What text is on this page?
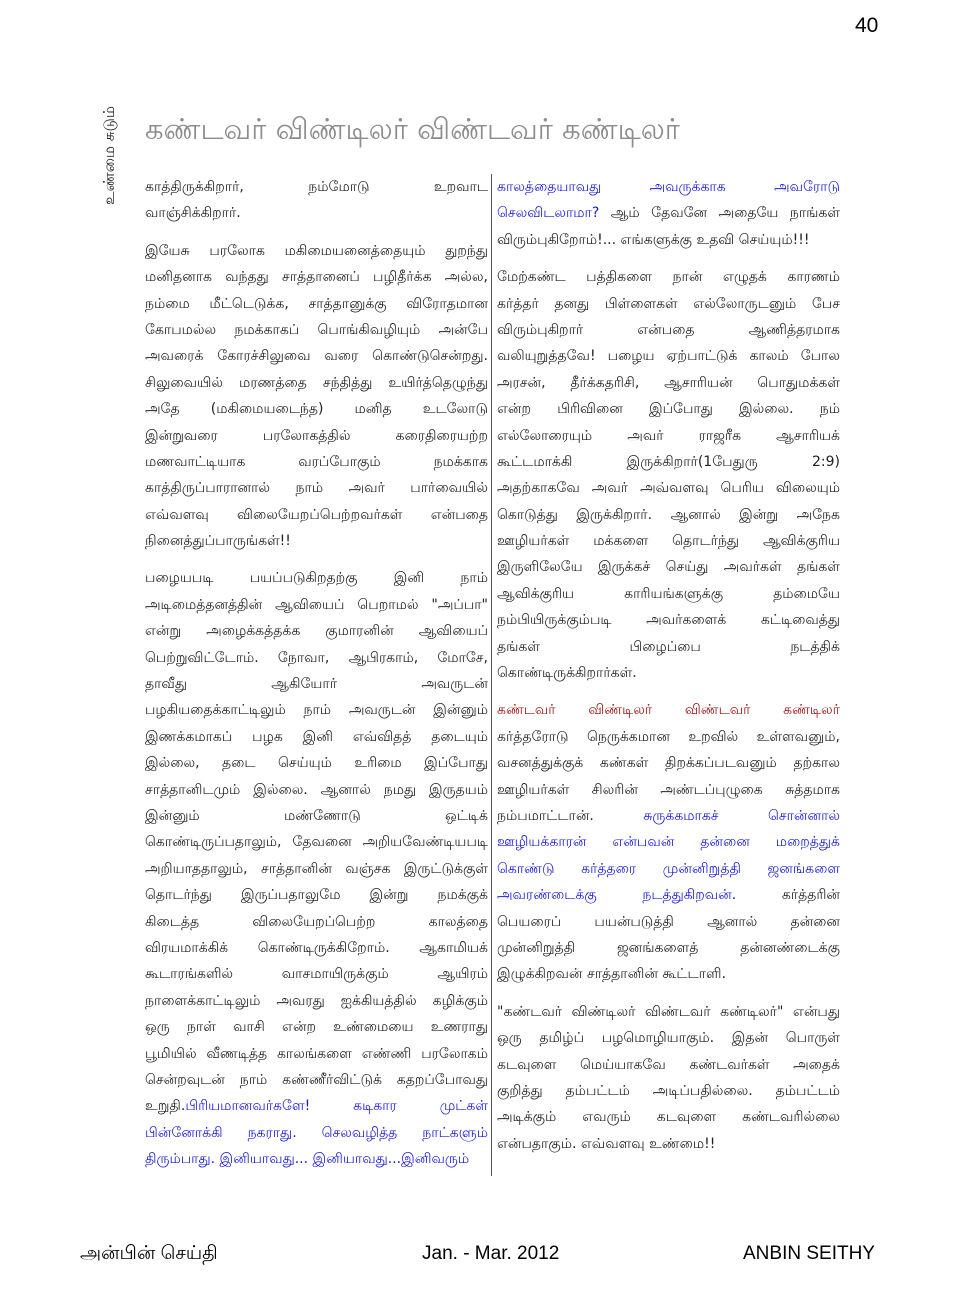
40
உண்மை சுடும் கண்டவர் விண்டிலர் விண்டவர் கண்டிலர்
காத்திருக்கிறார், நம்மோடு உறவாட
வாஞ்சிக்கிறார்.
இயேசு பரலோக மகிமையனைத்தையும் துறந்து
மனிதனாக வந்தது சாத்தானைப் பழிதீர்க்க அல்ல,
நம்மை மீட்டெடுக்க, சாத்தானுக்கு விரோதமான
கோபமல்ல நமக்காகப் பொங்கிவழியும் அன்பே
அவரைக் கோரச்சிலுவை வரை கொண்டுசென்றது.
சிலுவையில் மரணத்தை சந்தித்து உயிர்த்தெழுந்து
அதே (மகிமையடைந்த) மனித உடலோடு
இன்றுவரை பரலோகத்தில் கரைதிரையற்ற
மணவாட்டியாக வரப்போகும் நமக்காக
காத்திருப்பாரானால் நாம் அவர் பார்வையில்
எவ்வளவு விலையேறப்பெற்றவர்கள் என்பதை
நினைத்துப்பாருங்கள்!!
பழையபடி பயப்படுகிறதற்கு இனி நாம்
அடிமைத்தனத்தின் ஆவியைப் பெறாமல் "அப்பா"
என்று அழைக்கத்தக்க குமாரனின் ஆவியைப்
பெற்றுவிட்டோம். நோவா, ஆபிரகாம், மோசே,
தாவீது ஆகியோர் அவருடன்
பழகியதைக்காட்டிலும் நாம் அவருடன் இன்னும்
இணக்கமாகப் பழக இனி எவ்விதத் தடையும்
இல்லை, தடை செய்யும் உரிமை இப்போது
சாத்தானிடமும் இல்லை. ஆனால் நமது இருதயம்
இன்னும் மண்ணோடு ஒட்டிக்
கொண்டிருப்பதாலும், தேவனை அறியவேண்டியபடி
அறியாததாலும், சாத்தானின் வஞ்சக இருட்டுக்குள்
தொடர்ந்து இருப்பதாலுமே இன்று நமக்குக்
கிடைத்த விலையேறப்பெற்ற காலத்தை
விரயமாக்கிக் கொண்டிருக்கிறோம். ஆகாமியக்
கூடாரங்களில் வாசமாயிருக்கும் ஆயிரம்
நாளைக்காட்டிலும் அவரது ஐக்கியத்தில் கழிக்கும்
ஒரு நாள் வாசி என்ற உண்மையை உணராது
பூமியில் வீணடித்த காலங்களை எண்ணி பரலோகம்
சென்றவுடன் நாம் கண்ணீர்விட்டுக் கதறப்போவது
உறுதி.பிரியமானவர்களே! கடிகார முட்கள்
பின்னோக்கி நகராது. செலவழித்த நாட்களும்
திரும்பாது. இனியாவது... இனியாவது...இனிவரும்
காலத்தையாவது அவருக்காக அவரோடு
செலவிடலாமா? ஆம் தேவனே அதையே நாங்கள்
விரும்புகிறோம்!... எங்களுக்கு உதவி செய்யும்!!!
மேற்கண்ட பத்திகளை நான் எழுதக் காரணம்
கர்த்தர் தனது பிள்ளைகள் எல்லோருடனும் பேச
விரும்புகிறார் என்பதை ஆணித்தரமாக
வலியுறுத்தவே! பழைய ஏற்பாட்டுக் காலம் போல
அரசன், தீர்க்கதரிசி, ஆசாரியன் பொதுமக்கள்
என்ற பிரிவினை இப்போது இல்லை. நம்
எல்லோரையும் அவர் ராஜரீக ஆசாரியக்
கூட்டமாக்கி இருக்கிறார்(1பேதுரு 2:9)
அதற்காகவே அவர் அவ்வளவு பெரிய விலையும்
கொடுத்து இருக்கிறார். ஆனால் இன்று அநேக
ஊழியர்கள் மக்களை தொடர்ந்து ஆவிக்குரிய
இருளிலேயே இருக்கச் செய்து அவர்கள் தங்கள்
ஆவிக்குரிய காரியங்களுக்கு தம்மையே
நம்பியிருக்கும்படி அவர்களைக் கட்டிவைத்து
தங்கள் பிழைப்பை நடத்திக்
கொண்டிருக்கிறார்கள்.
கண்டவர் விண்டிலர் விண்டவர் கண்டிலர்
கர்த்தரோடு நெருக்கமான உறவில் உள்ளவனும்,
வசனத்துக்குக் கண்கள் திறக்கப்படவனும் தற்கால
ஊழியர்கள் சிலரின் அண்டப்புழுகை சுத்தமாக
நம்பமாட்டான். சுருக்கமாகச் சொன்னால்
ஊழியக்காரன் என்பவன் தன்னை மறைத்துக்
கொண்டு கர்த்தரை முன்னிறுத்தி ஜனங்களை
அவரண்டைக்கு நடத்துகிறவன். கர்த்தரின்
பெயரைப் பயன்படுத்தி ஆனால் தன்னை
முன்னிறுத்தி ஜனங்களைத் தன்னண்டைக்கு
இழுக்கிறவன் சாத்தானின் கூட்டாளி.
"கண்டவர் விண்டிலர் விண்டவர் கண்டிலர்" என்பது
ஒரு தமிழ்ப் பழமொழியாகும். இதன் பொருள்
கடவுளை மெய்யாகவே கண்டவர்கள் அதைக்
குறித்து தம்பட்டம் அடிப்பதில்லை. தம்பட்டம்
அடிக்கும் எவரும் கடவுளை கண்டவரில்லை
என்பதாகும். எவ்வளவு உண்மை!!
அன்பின் செய்தி	Jan. - Mar. 2012	ANBIN SEITHY
